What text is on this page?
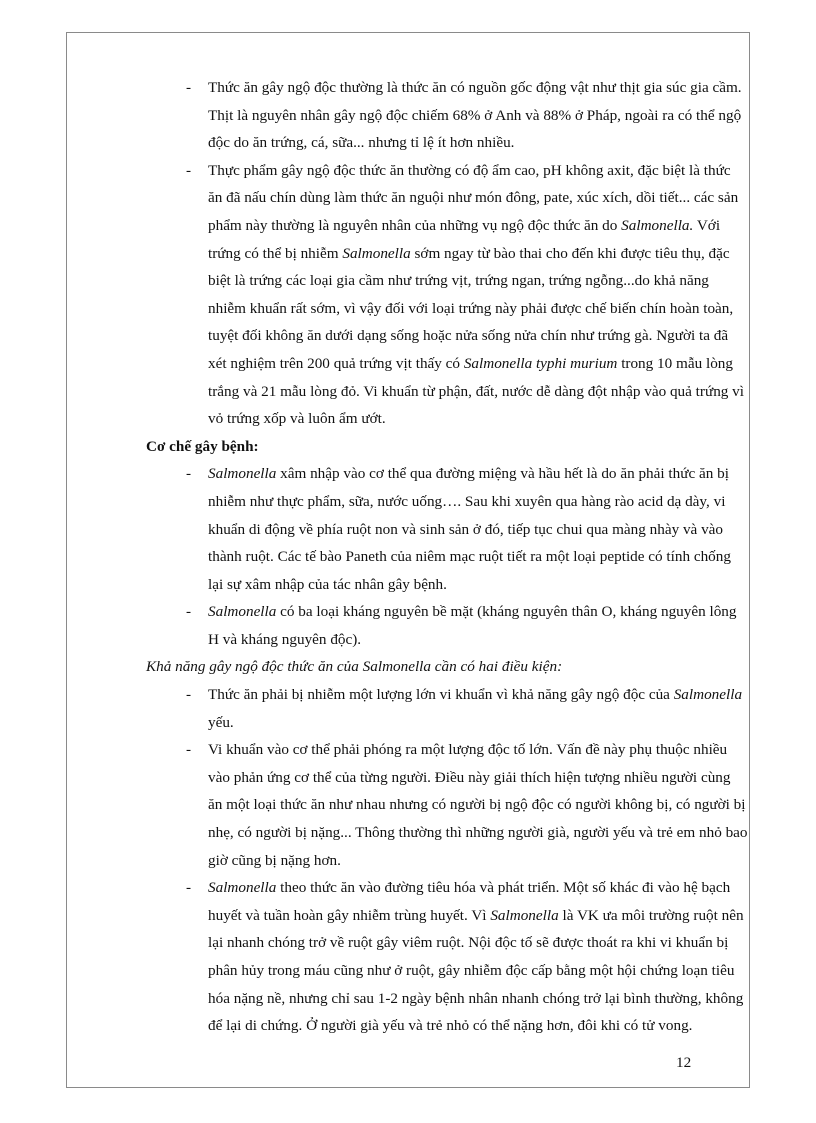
-	Thức ăn gây ngộ độc thường là thức ăn có nguồn gốc động vật như thịt gia súc gia cầm. Thịt là nguyên nhân gây ngộ độc chiếm 68% ở Anh và 88% ở Pháp, ngoài ra có thể ngộ độc do ăn trứng, cá, sữa... nhưng tỉ lệ ít hơn nhiều.

-	Thực phẩm gây ngộ độc thức ăn thường có độ ẩm cao, pH không axit, đặc biệt là thức ăn đã nấu chín dùng làm thức ăn nguội như món đông, pate, xúc xích, dồi tiết... các sản phẩm này thường là nguyên nhân của những vụ ngộ độc thức ăn do Salmonella. Với trứng có thể bị nhiễm Salmonella sớm ngay từ bào thai cho đến khi được tiêu thụ, đặc biệt là trứng các loại gia cầm như trứng vịt, trứng ngan, trứng ngỗng...do khả năng nhiễm khuẩn rất sớm, vì vậy đối với loại trứng này phải được chế biến chín hoàn toàn, tuyệt đối không ăn dưới dạng sống hoặc nửa sống nửa chín như trứng gà. Người ta đã xét nghiệm trên 200 quả trứng vịt thấy có Salmonella typhi murium trong 10 mẫu lòng trắng và 21 mẫu lòng đỏ. Vi khuẩn từ phận, đất, nước dễ dàng đột nhập vào quả trứng vì vỏ trứng xốp và luôn ẩm ướt.

Cơ chế gây bệnh:

-	Salmonella xâm nhập vào cơ thể qua đường miệng và hầu hết là do ăn phải thức ăn bị nhiễm như thực phẩm, sữa, nước uống…. Sau khi xuyên qua hàng rào acid dạ dày, vi khuẩn di động về phía ruột non và sinh sản ở đó, tiếp tục chui qua màng nhày và vào thành ruột. Các tế bào Paneth của niêm mạc ruột tiết ra một loại peptide có tính chống lại sự xâm nhập của tác nhân gây bệnh.

-	Salmonella có ba loại kháng nguyên bề mặt (kháng nguyên thân O, kháng nguyên lông H và kháng nguyên độc).

Khả năng gây ngộ độc thức ăn của Salmonella cần có hai điều kiện:

-	Thức ăn phải bị nhiễm một lượng lớn vi khuẩn vì khả năng gây ngộ độc của Salmonella yếu.

-	Vi khuẩn vào cơ thể phải phóng ra một lượng độc tố lớn. Vấn đề này phụ thuộc nhiều vào phản ứng cơ thể của từng người. Điều này giải thích hiện tượng nhiều người cùng ăn một loại thức ăn như nhau nhưng có người bị ngộ độc có người không bị, có người bị nhẹ, có người bị nặng... Thông thường thì những người già, người yếu và trẻ em nhỏ bao giờ cũng bị nặng hơn.

-	Salmonella theo thức ăn vào đường tiêu hóa và phát triển. Một số khác đi vào hệ bạch huyết và tuần hoàn gây nhiễm trùng huyết. Vì Salmonella là VK ưa môi trường ruột nên lại nhanh chóng trở về ruột gây viêm ruột. Nội độc tố sẽ được thoát ra khi vi khuẩn bị phân hủy trong máu cũng như ở ruột, gây nhiễm độc cấp bằng một hội chứng loạn tiêu hóa nặng nề, nhưng chỉ sau 1-2 ngày bệnh nhân nhanh chóng trở lại bình thường, không để lại di chứng. Ở người già yếu và trẻ nhỏ có thể nặng hơn, đôi khi có tử vong.

12
